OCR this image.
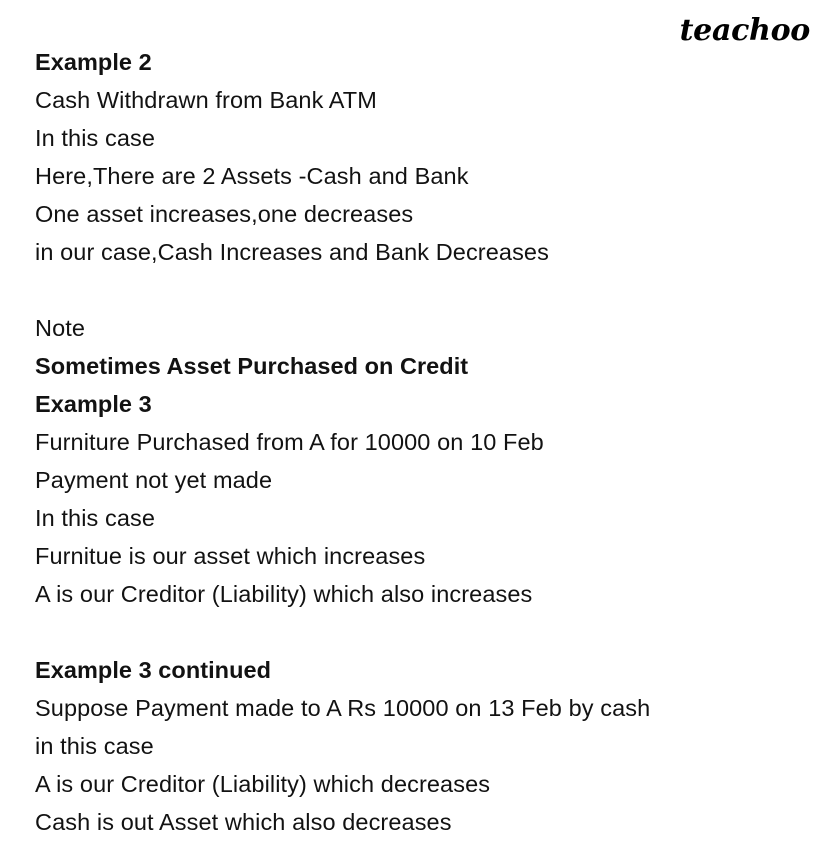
teachoo
Example 2
Cash Withdrawn from Bank ATM
In this case
Here,There are 2 Assets -Cash and Bank
One asset increases,one decreases
in our case,Cash Increases and Bank Decreases
Note
Sometimes Asset Purchased on Credit
Example 3
Furniture Purchased from A for 10000 on 10 Feb
Payment not yet made
In this case
Furnitue is our asset which increases
A is our Creditor (Liability) which also increases
Example 3 continued
Suppose Payment made to A Rs 10000 on 13 Feb by cash
in this case
A is our Creditor (Liability) which decreases
Cash is out Asset which also decreases
